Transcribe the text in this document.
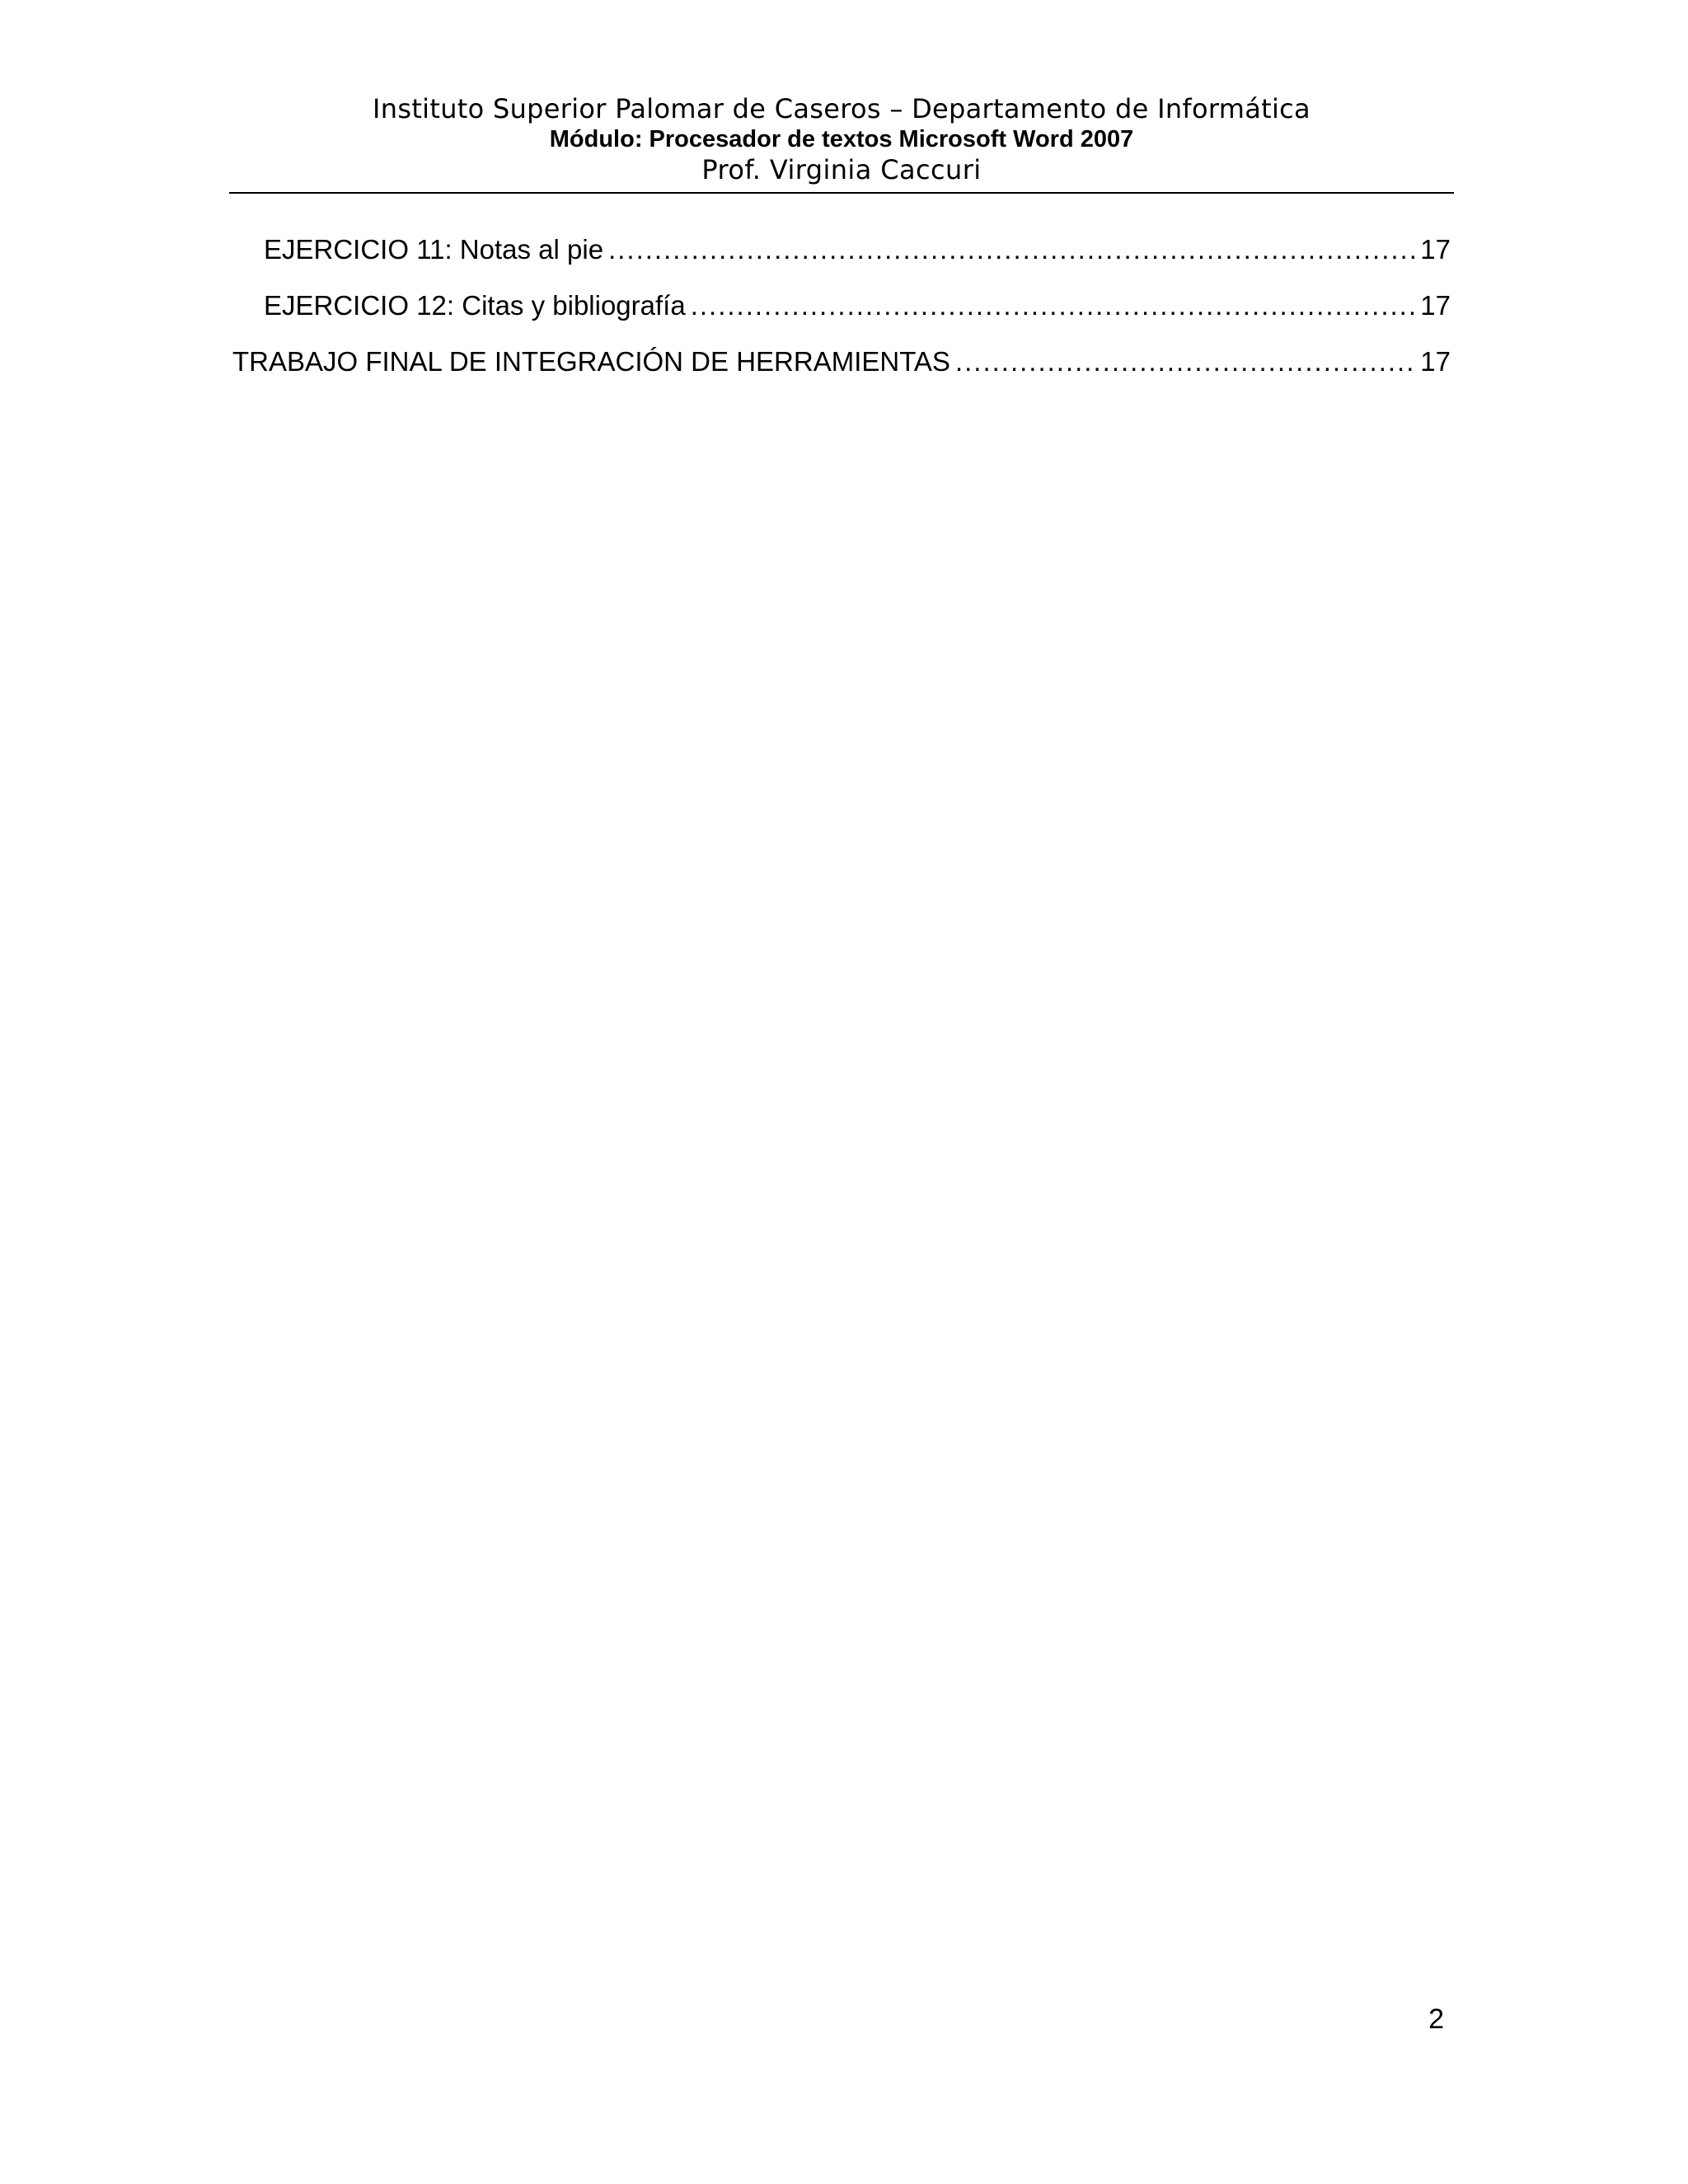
Instituto Superior Palomar de Caseros – Departamento de Informática
Módulo: Procesador de textos Microsoft Word 2007
Prof. Virginia Caccuri
EJERCICIO 11: Notas al pie .....	17
EJERCICIO 12: Citas y bibliografía .....	17
TRABAJO FINAL DE INTEGRACIÓN DE HERRAMIENTAS .....	17
2
